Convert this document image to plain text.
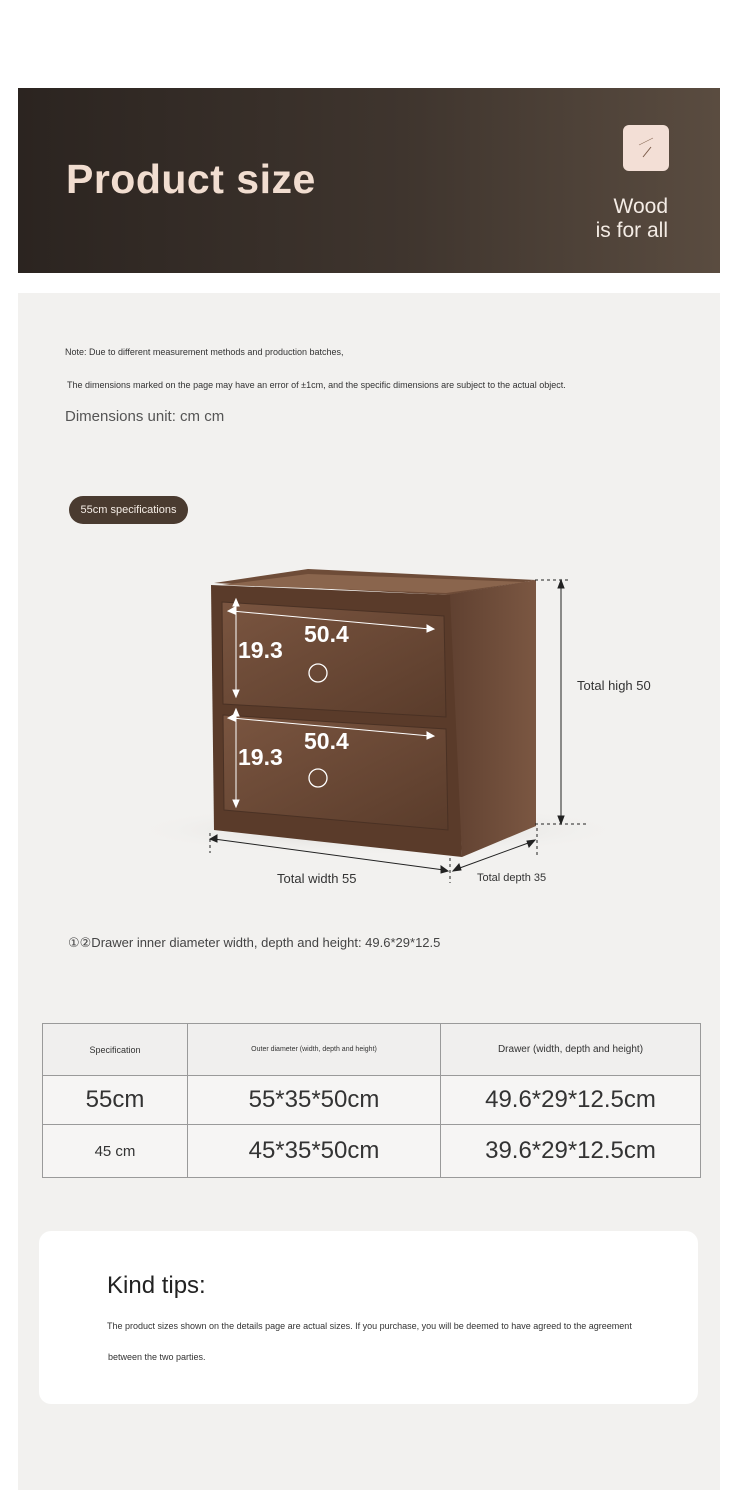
Product size
Wood
is for all
Note: Due to different measurement methods and production batches,
The dimensions marked on the page may have an error of ±1cm, and the specific dimensions are subject to the actual object.
Dimensions unit: cm cm
55cm specifications
19.3
50.4
19.3
50.4
Total high 50
Total width 55	Total depth 35
①②Drawer inner diameter width, depth and height: 49.6*29*12.5
Specification	Outer diameter (width, depth and height)	Drawer (width, depth and height)
55cm	55*35*50cm	49.6*29*12.5cm
45 cm	45*35*50cm	39.6*29*12.5cm
Kind tips:
The product sizes shown on the details page are actual sizes. If you purchase, you will be deemed to have agreed to the agreement
between the two parties.
